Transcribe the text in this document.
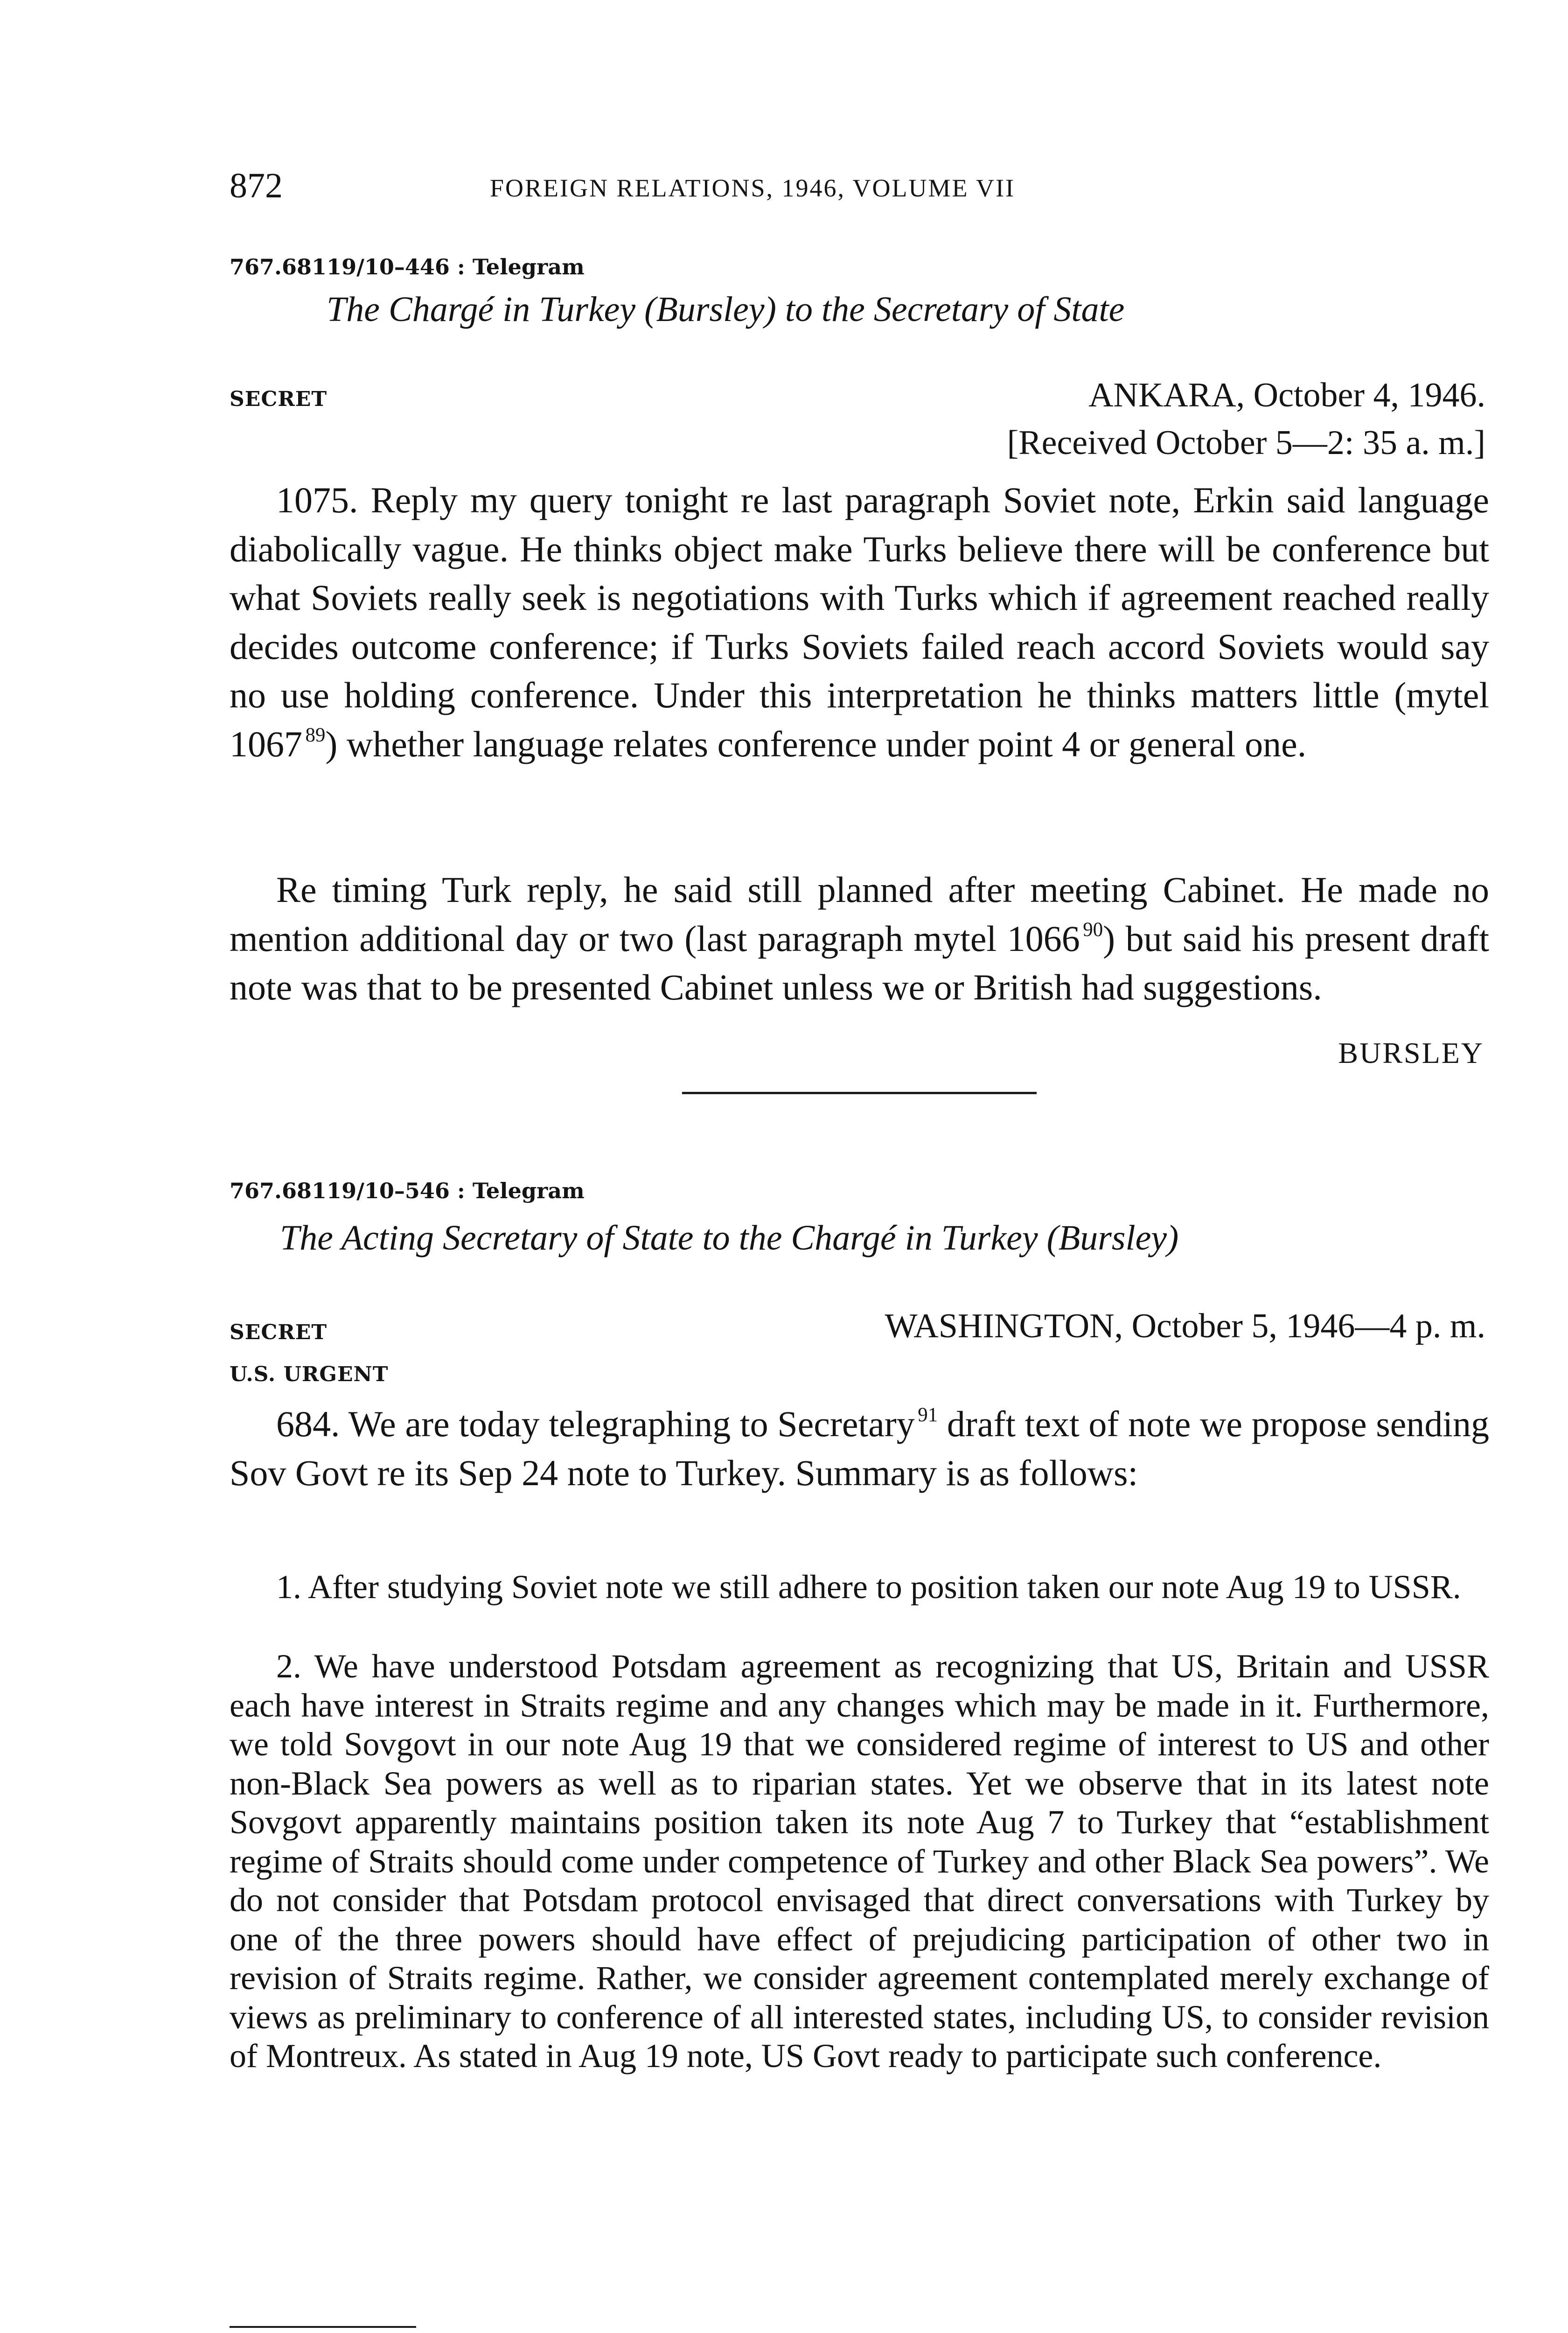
872	FOREIGN RELATIONS, 1946, VOLUME VII
767.68119/10–446 : Telegram
The Chargé in Turkey (Bursley) to the Secretary of State
SECRET	ANKARA, October 4, 1946.
[Received October 5—2: 35 a. m.]

1075. Reply my query tonight re last paragraph Soviet note, Erkin said language diabolically vague. He thinks object make Turks believe there will be conference but what Soviets really seek is negotiations with Turks which if agreement reached really decides outcome conference; if Turks Soviets failed reach accord Soviets would say no use holding conference. Under this interpretation he thinks matters little (mytel 1067  $^{89}$) whether language relates conference under point 4 or general one.

Re timing Turk reply, he said still planned after meeting Cabinet. He made no mention additional day or two (last paragraph mytel 1066  $^{90}$) but said his present draft note was that to be presented Cabinet unless we or British had suggestions.

BURSLEY
767.68119/10–546 : Telegram
The Acting Secretary of State to the Chargé in Turkey (Bursley)
SECRET	WASHINGTON, October 5, 1946—4 p. m.
U.S. URGENT

684. We are today telegraphing to Secretary  $^{91}$ draft text of note we propose sending Sov Govt re its Sep 24 note to Turkey. Summary is as follows:

1. After studying Soviet note we still adhere to position taken our note Aug 19 to USSR.

2. We have understood Potsdam agreement as recognizing that US, Britain and USSR each have interest in Straits regime and any changes which may be made in it. Furthermore, we told Sovgovt in our note Aug 19 that we considered regime of interest to US and other non-Black Sea powers as well as to riparian states. Yet we observe that in its latest note Sovgovt apparently maintains position taken its note Aug 7 to Turkey that “establishment regime of Straits should come under competence of Turkey and other Black Sea powers”. We do not consider that Potsdam protocol envisaged that direct conversations with Turkey by one of the three powers should have effect of prejudicing participation of other two in revision of Straits regime. Rather, we consider agreement contemplated merely exchange of views as preliminary to conference of all interested states, including US, to consider revision of Montreux. As stated in Aug 19 note, US Govt ready to participate such conference.
